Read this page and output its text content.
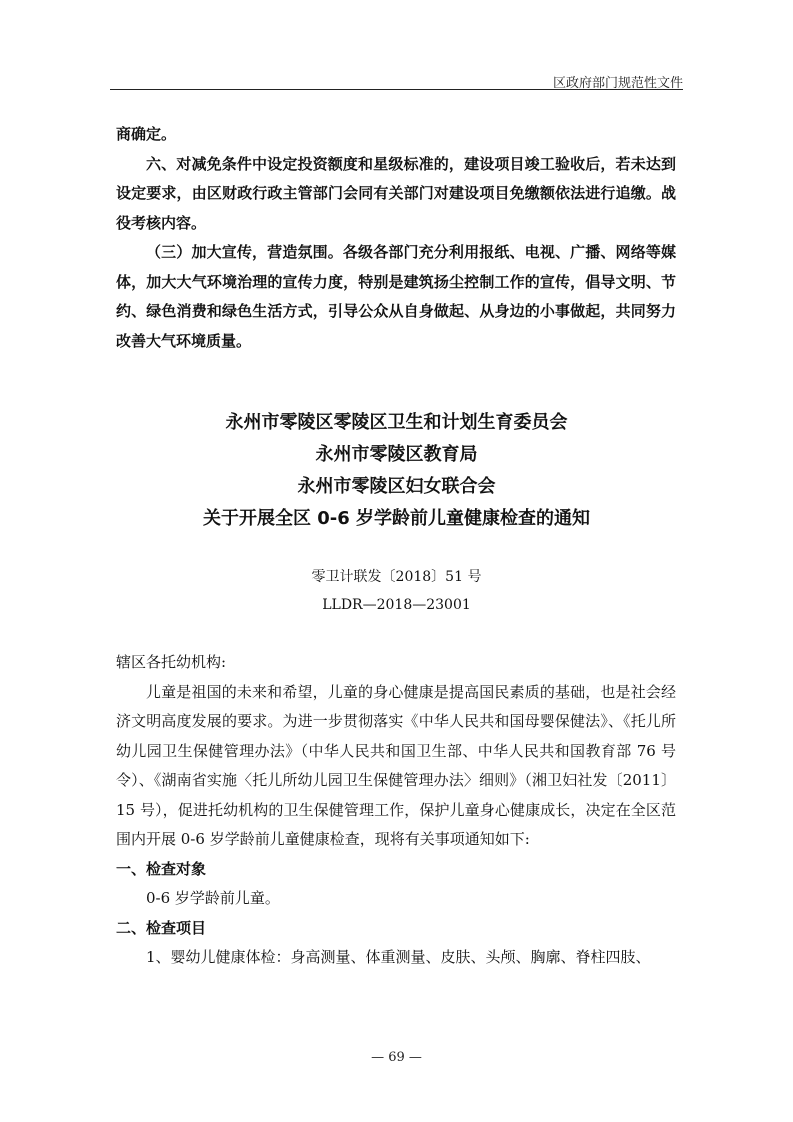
区政府部门规范性文件

商确定。

六、对减免条件中设定投资额度和星级标准的，建设项目竣工验收后，若未达到设定要求，由区财政行政主管部门会同有关部门对建设项目免缴额依法进行追缴。战役考核内容。

（三）加大宣传，营造氛围。各级各部门充分利用报纸、电视、广播、网络等媒体，加大大气环境治理的宣传力度，特别是建筑扬尘控制工作的宣传，倡导文明、节约、绿色消费和绿色生活方式，引导公众从自身做起、从身边的小事做起，共同努力改善大气环境质量。

永州市零陵区零陵区卫生和计划生育委员会

永州市零陵区教育局

永州市零陵区妇女联合会

关于开展全区 0-6 岁学龄前儿童健康检查的通知

零卫计联发〔2018〕51 号
LLDR—2018—23001

辖区各托幼机构:

儿童是祖国的未来和希望，儿童的身心健康是提高国民素质的基础，也是社会经济文明高度发展的要求。为进一步贯彻落实《中华人民共和国母婴保健法》、《托儿所幼儿园卫生保健管理办法》（中华人民共和国卫生部、中华人民共和国教育部 76 号令）、《湖南省实施〈托儿所幼儿园卫生保健管理办法〉细则》（湘卫妇社发〔2011〕15 号），促进托幼机构的卫生保健管理工作，保护儿童身心健康成长，决定在全区范围内开展 0-6 岁学龄前儿童健康检查，现将有关事项通知如下:

一、检查对象

0-6 岁学龄前儿童。

二、检查项目

1、婴幼儿健康体检：身高测量、体重测量、皮肤、头颅、胸廓、脊柱四肢、

— 69 —
